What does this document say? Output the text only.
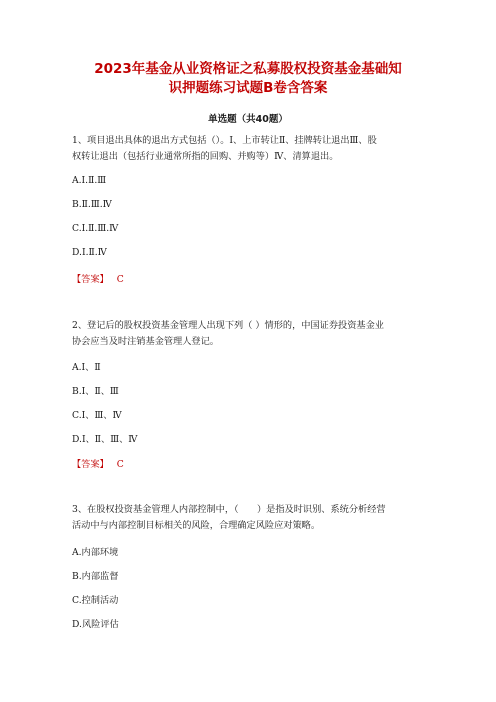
2023年基金从业资格证之私募股权投资基金基础知
识押题练习试题B卷含答案
单选题（共40题）
1、项目退出具体的退出方式包括（）。Ⅰ、上市转让Ⅱ、挂牌转让退出Ⅲ、股
权转让退出（包括行业通常所指的回购、并购等）Ⅳ、清算退出。
A.Ⅰ.Ⅱ.Ⅲ
B.Ⅱ.Ⅲ.Ⅳ
C.Ⅰ.Ⅱ.Ⅲ.Ⅳ
D.Ⅰ.Ⅱ.Ⅳ
【答案】 C
2、登记后的股权投资基金管理人出现下列（ ）情形的，中国证券投资基金业
协会应当及时注销基金管理人登记。
A.Ⅰ、Ⅱ
B.Ⅰ、Ⅱ、Ⅲ
C.Ⅰ、Ⅲ、Ⅳ
D.Ⅰ、Ⅱ、Ⅲ、Ⅳ
【答案】 C
3、在股权投资基金管理人内部控制中，（　　）是指及时识别、系统分析经营
活动中与内部控制目标相关的风险，合理确定风险应对策略。
A.内部环境
B.内部监督
C.控制活动
D.风险评估
